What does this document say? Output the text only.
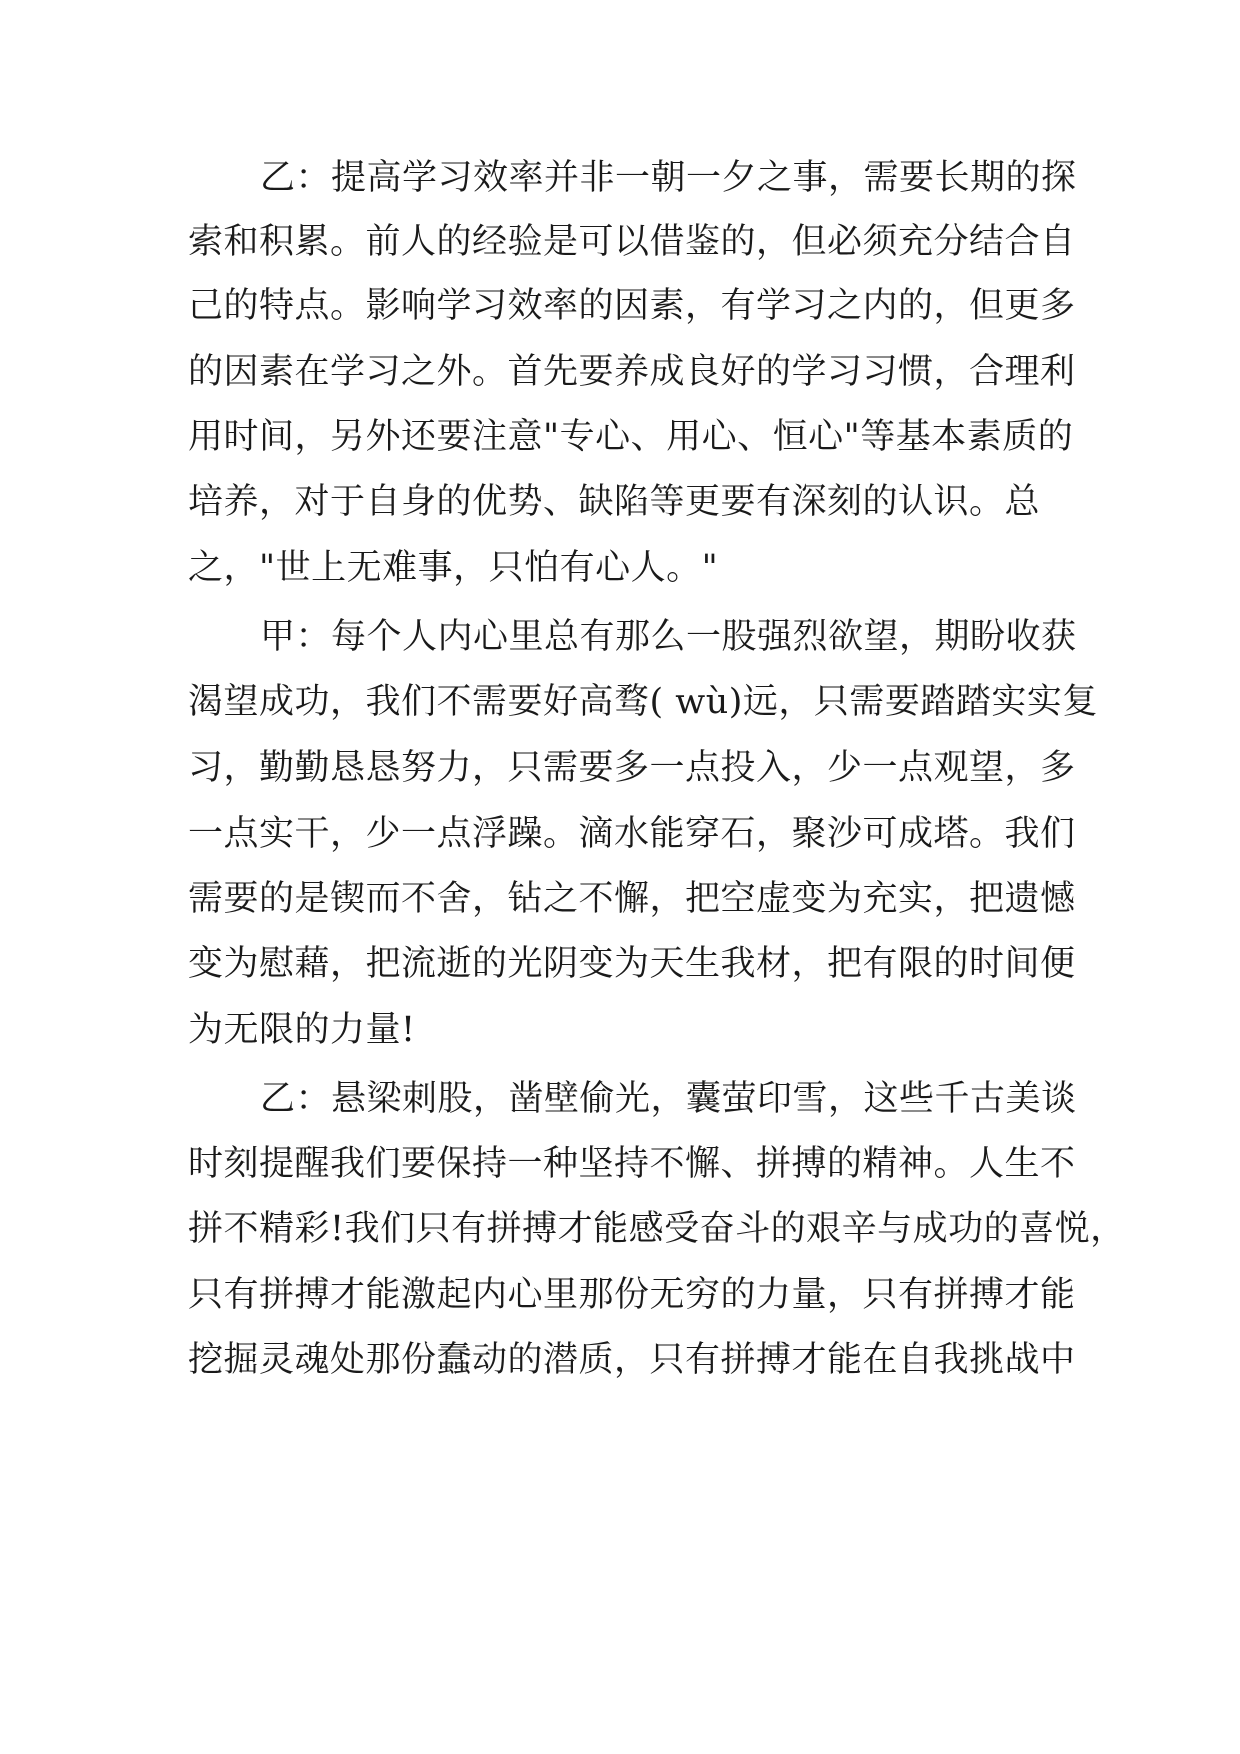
乙：提高学习效率并非一朝一夕之事，需要长期的探
索和积累。前人的经验是可以借鉴的，但必须充分结合自
己的特点。影响学习效率的因素，有学习之内的，但更多
的因素在学习之外。首先要养成良好的学习习惯，合理利
用时间，另外还要注意"专心、用心、恒心"等基本素质的
培养，对于自身的优势、缺陷等更要有深刻的认识。总
之，"世上无难事，只怕有心人。"
甲：每个人内心里总有那么一股强烈欲望，期盼收获
渴望成功，我们不需要好高骛( wù)远，只需要踏踏实实复
习，勤勤恳恳努力，只需要多一点投入，少一点观望，多
一点实干，少一点浮躁。滴水能穿石，聚沙可成塔。我们
需要的是锲而不舍，钻之不懈，把空虚变为充实，把遗憾
变为慰藉，把流逝的光阴变为天生我材，把有限的时间便
为无限的力量!
乙：悬梁刺股，凿壁偷光，囊萤印雪，这些千古美谈
时刻提醒我们要保持一种坚持不懈、拼搏的精神。人生不
拼不精彩!我们只有拼搏才能感受奋斗的艰辛与成功的喜悦，
只有拼搏才能激起内心里那份无穷的力量，只有拼搏才能
挖掘灵魂处那份蠢动的潜质，只有拼搏才能在自我挑战中
